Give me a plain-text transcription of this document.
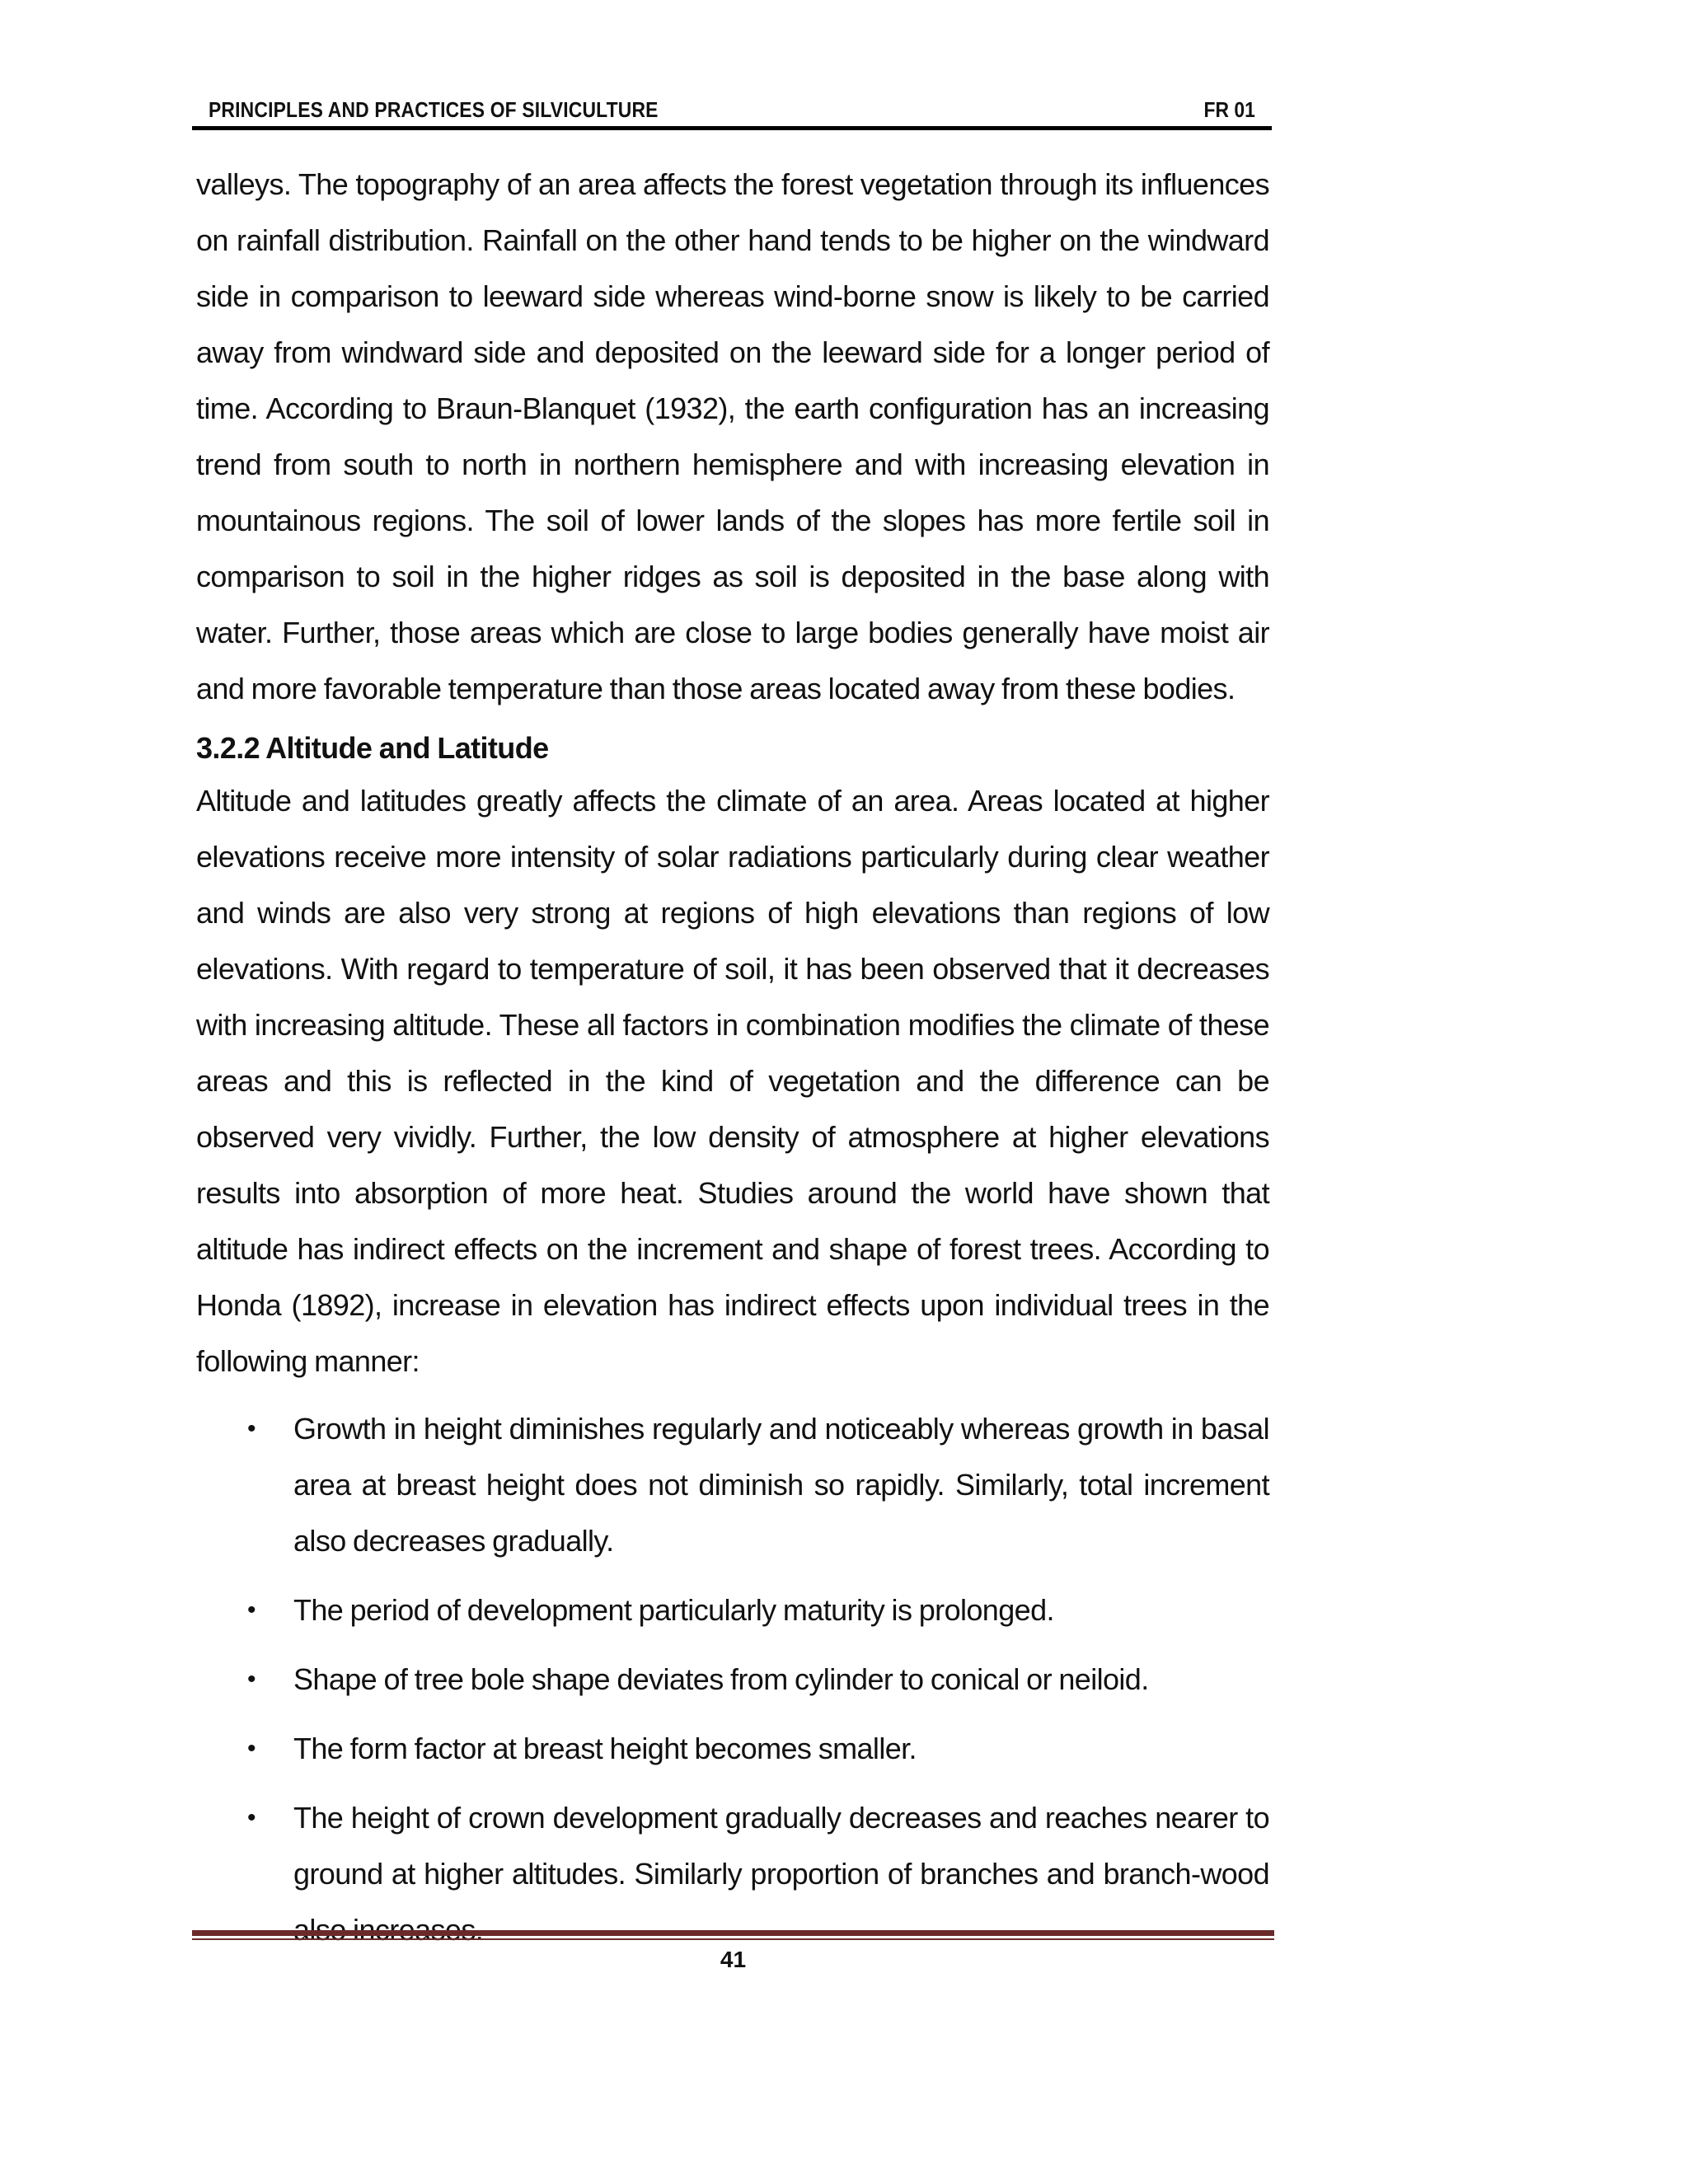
PRINCIPLES AND PRACTICES OF SILVICULTURE	FR 01

valleys. The topography of an area affects the forest vegetation through its influences on rainfall distribution. Rainfall on the other hand tends to be higher on the windward side in comparison to leeward side whereas wind-borne snow is likely to be carried away from windward side and deposited on the leeward side for a longer period of time. According to Braun-Blanquet (1932), the earth configuration has an increasing trend from south to north in northern hemisphere and with increasing elevation in mountainous regions. The soil of lower lands of the slopes has more fertile soil in comparison to soil in the higher ridges as soil is deposited in the base along with water. Further, those areas which are close to large bodies generally have moist air and more favorable temperature than those areas located away from these bodies.

3.2.2 Altitude and Latitude

Altitude and latitudes greatly affects the climate of an area. Areas located at higher elevations receive more intensity of solar radiations particularly during clear weather and winds are also very strong at regions of high elevations than regions of low elevations. With regard to temperature of soil, it has been observed that it decreases with increasing altitude. These all factors in combination modifies the climate of these areas and this is reflected in the kind of vegetation and the difference can be observed very vividly. Further, the low density of atmosphere at higher elevations results into absorption of more heat. Studies around the world have shown that altitude has indirect effects on the increment and shape of forest trees. According to Honda (1892), increase in elevation has indirect effects upon individual trees in the following manner:

• Growth in height diminishes regularly and noticeably whereas growth in basal area at breast height does not diminish so rapidly. Similarly, total increment also decreases gradually.
• The period of development particularly maturity is prolonged.
• Shape of tree bole shape deviates from cylinder to conical or neiloid.
• The form factor at breast height becomes smaller.
• The height of crown development gradually decreases and reaches nearer to ground at higher altitudes. Similarly proportion of branches and branch-wood
41
